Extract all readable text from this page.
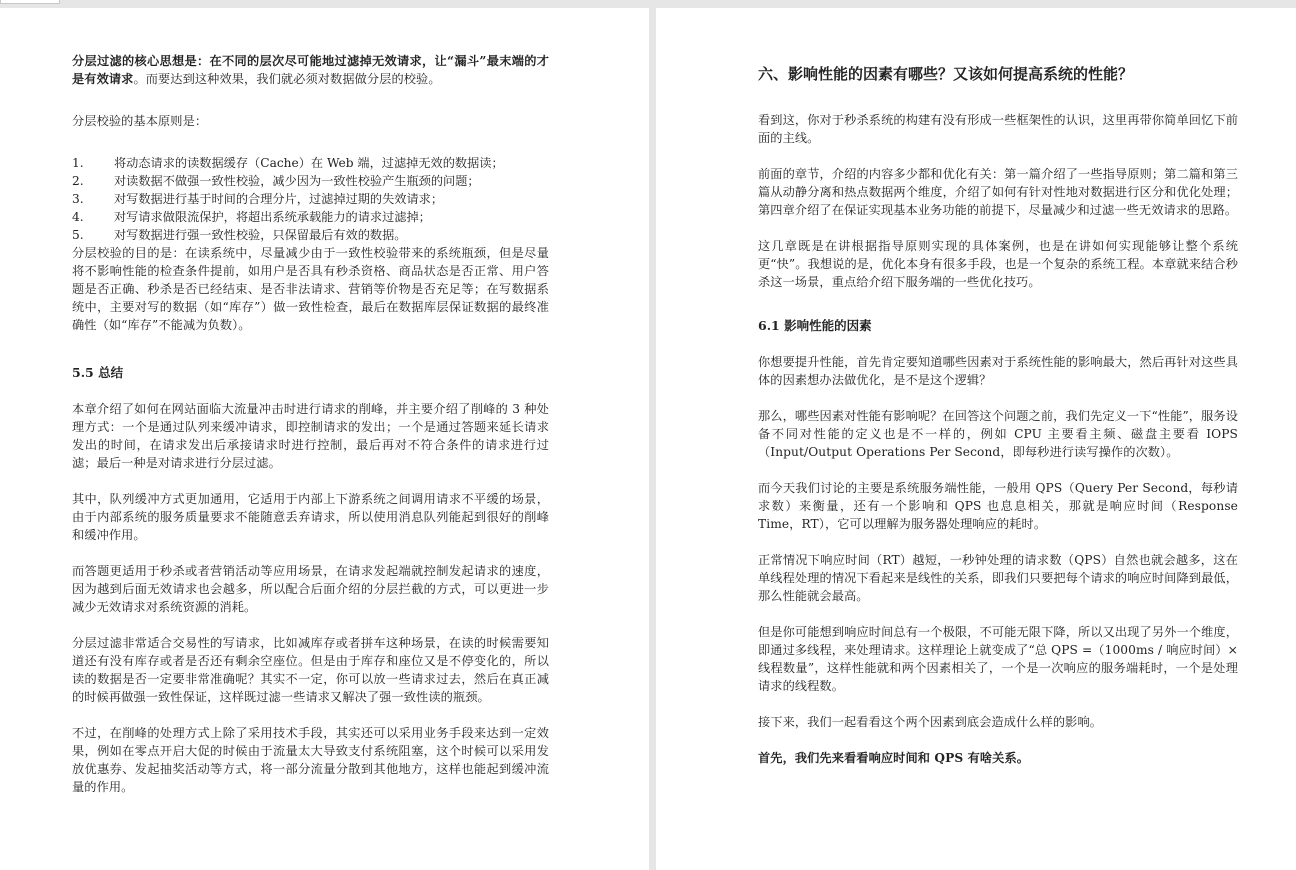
分层过滤的核心思想是：在不同的层次尽可能地过滤掉无效请求，让“漏斗”最末端的才是有效请求。而要达到这种效果，我们就必须对数据做分层的校验。

分层校验的基本原则是：

1.	将动态请求的读数据缓存（Cache）在 Web 端，过滤掉无效的数据读；
2.	对读数据不做强一致性校验，减少因为一致性校验产生瓶颈的问题；
3.	对写数据进行基于时间的合理分片，过滤掉过期的失效请求；
4.	对写请求做限流保护，将超出系统承载能力的请求过滤掉；
5.	对写数据进行强一致性校验，只保留最后有效的数据。

分层校验的目的是：在读系统中，尽量减少由于一致性校验带来的系统瓶颈，但是尽量将不影响性能的检查条件提前，如用户是否具有秒杀资格、商品状态是否正常、用户答题是否正确、秒杀是否已经结束、是否非法请求、营销等价物是否充足等；在写数据系统中，主要对写的数据（如“库存”）做一致性检查，最后在数据库层保证数据的最终准确性（如“库存”不能减为负数）。

5.5 总结

本章介绍了如何在网站面临大流量冲击时进行请求的削峰，并主要介绍了削峰的 3 种处理方式：一个是通过队列来缓冲请求，即控制请求的发出；一个是通过答题来延长请求发出的时间，在请求发出后承接请求时进行控制，最后再对不符合条件的请求进行过滤；最后一种是对请求进行分层过滤。

其中，队列缓冲方式更加通用，它适用于内部上下游系统之间调用请求不平缓的场景，由于内部系统的服务质量要求不能随意丢弃请求，所以使用消息队列能起到很好的削峰和缓冲作用。

而答题更适用于秒杀或者营销活动等应用场景，在请求发起端就控制发起请求的速度，因为越到后面无效请求也会越多，所以配合后面介绍的分层拦截的方式，可以更进一步减少无效请求对系统资源的消耗。

分层过滤非常适合交易性的写请求，比如减库存或者拼车这种场景，在读的时候需要知道还有没有库存或者是否还有剩余空座位。但是由于库存和座位又是不停变化的，所以读的数据是否一定要非常准确呢？其实不一定，你可以放一些请求过去，然后在真正减的时候再做强一致性保证，这样既过滤一些请求又解决了强一致性读的瓶颈。

不过，在削峰的处理方式上除了采用技术手段，其实还可以采用业务手段来达到一定效果，例如在零点开启大促的时候由于流量太大导致支付系统阻塞，这个时候可以采用发放优惠券、发起抽奖活动等方式，将一部分流量分散到其他地方，这样也能起到缓冲流量的作用。

六、影响性能的因素有哪些？又该如何提高系统的性能？

看到这，你对于秒杀系统的构建有没有形成一些框架性的认识，这里再带你简单回忆下前面的主线。

前面的章节，介绍的内容多少都和优化有关：第一篇介绍了一些指导原则；第二篇和第三篇从动静分离和热点数据两个维度，介绍了如何有针对性地对数据进行区分和优化处理；第四章介绍了在保证实现基本业务功能的前提下，尽量减少和过滤一些无效请求的思路。

这几章既是在讲根据指导原则实现的具体案例，也是在讲如何实现能够让整个系统更“快”。我想说的是，优化本身有很多手段，也是一个复杂的系统工程。本章就来结合秒杀这一场景，重点给介绍下服务端的一些优化技巧。

6.1 影响性能的因素

你想要提升性能，首先肯定要知道哪些因素对于系统性能的影响最大，然后再针对这些具体的因素想办法做优化，是不是这个逻辑？

那么，哪些因素对性能有影响呢？在回答这个问题之前，我们先定义一下“性能”，服务设备不同对性能的定义也是不一样的，例如 CPU 主要看主频、磁盘主要看 IOPS（Input/Output Operations Per Second，即每秒进行读写操作的次数）。

而今天我们讨论的主要是系统服务端性能，一般用 QPS（Query Per Second，每秒请求数）来衡量，还有一个影响和 QPS 也息息相关，那就是响应时间（Response Time，RT），它可以理解为服务器处理响应的耗时。

正常情况下响应时间（RT）越短，一秒钟处理的请求数（QPS）自然也就会越多，这在单线程处理的情况下看起来是线性的关系，即我们只要把每个请求的响应时间降到最低，那么性能就会最高。

但是你可能想到响应时间总有一个极限，不可能无限下降，所以又出现了另外一个维度，即通过多线程，来处理请求。这样理论上就变成了“总 QPS =（1000ms / 响应时间）× 线程数量”，这样性能就和两个因素相关了，一个是一次响应的服务端耗时，一个是处理请求的线程数。

接下来，我们一起看看这个两个因素到底会造成什么样的影响。

首先，我们先来看看响应时间和 QPS 有啥关系。
